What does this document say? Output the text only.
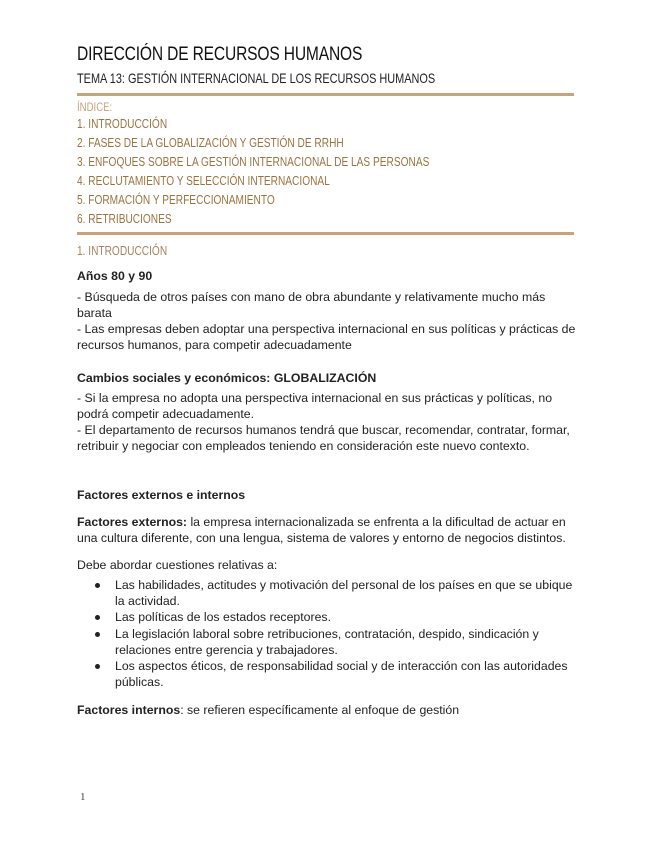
DIRECCIÓN DE RECURSOS HUMANOS
TEMA 13: GESTIÓN INTERNACIONAL DE LOS RECURSOS HUMANOS
ÍNDICE:
1. INTRODUCCIÓN
2. FASES DE LA GLOBALIZACIÓN Y GESTIÓN DE RRHH
3. ENFOQUES SOBRE LA GESTIÓN INTERNACIONAL DE LAS PERSONAS
4. RECLUTAMIENTO Y SELECCIÓN INTERNACIONAL
5. FORMACIÓN Y PERFECCIONAMIENTO
6. RETRIBUCIONES
1. INTRODUCCIÓN
Años 80 y 90
- Búsqueda de otros países con mano de obra abundante y relativamente mucho más barata
- Las empresas deben adoptar una perspectiva internacional en sus políticas y prácticas de recursos humanos, para competir adecuadamente
Cambios sociales y económicos: GLOBALIZACIÓN
- Si la empresa no adopta una perspectiva internacional en sus prácticas y políticas, no podrá competir adecuadamente.
- El departamento de recursos humanos tendrá que buscar, recomendar, contratar, formar, retribuir y negociar con empleados teniendo en consideración este nuevo contexto.
Factores externos e internos
Factores externos: la empresa internacionalizada se enfrenta a la dificultad de actuar en una cultura diferente, con una lengua, sistema de valores y entorno de negocios distintos.
Debe abordar cuestiones relativas a:
Las habilidades, actitudes y motivación del personal de los países en que se ubique la actividad.
Las políticas de los estados receptores.
La legislación laboral sobre retribuciones, contratación, despido, sindicación y relaciones entre gerencia y trabajadores.
Los aspectos éticos, de responsabilidad social y de interacción con las autoridades públicas.
Factores internos: se refieren específicamente al enfoque de gestión
1
